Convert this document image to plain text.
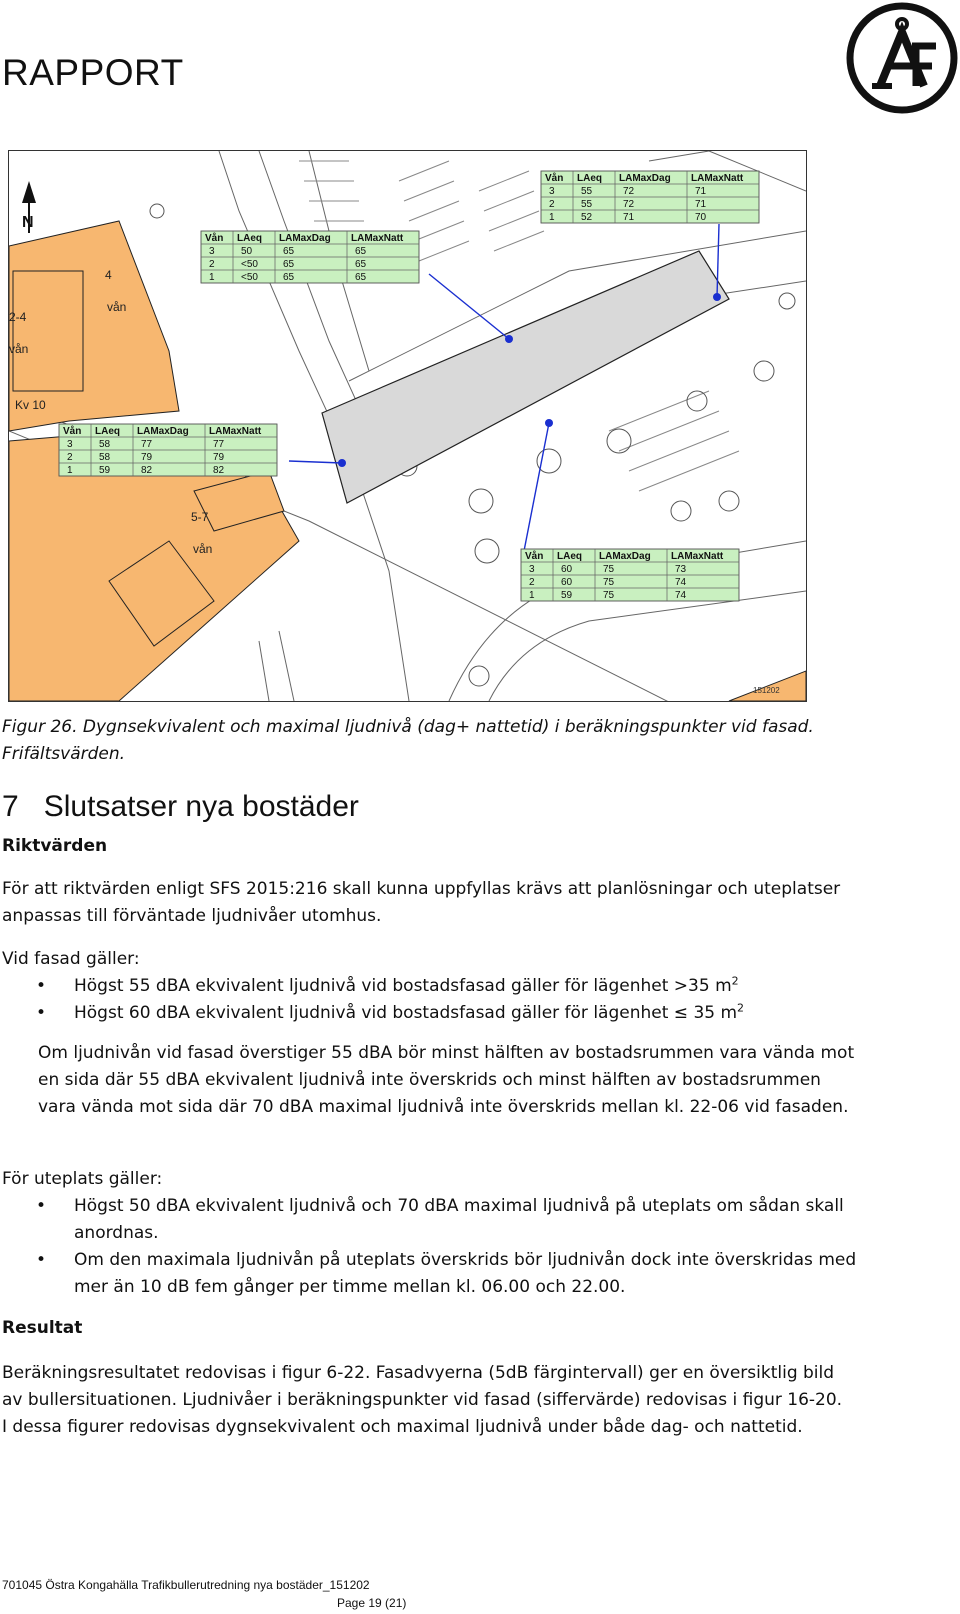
RAPPORT
151202
N
4
vån
2-4
vån
Kv 10
5-7
vån
Vån LAeq LAMaxDag LAMaxNatt
3	55	72	71
2	55	72	71
1	52	71	70
Vån LAeq LAMaxDag LAMaxNatt
3	50	65	65
2	<50	65	65
1	<50	65	65
Vån LAeq LAMaxDag LAMaxNatt
3	58	77	77
2	58	79	79
1	59	82	82
Vån LAeq LAMaxDag LAMaxNatt
3	60	75	73
2	60	75	74
1	59	75	74
Figur 26. Dygnsekvivalent och maximal ljudnivå (dag+ nattetid) i beräkningspunkter vid fasad. Frifältsvärden.
7 Slutsatser nya bostäder
Riktvärden
För att riktvärden enligt SFS 2015:216 skall kunna uppfyllas krävs att planlösningar och uteplatser anpassas till förväntade ljudnivåer utomhus.
Vid fasad gäller:
• Högst 55 dBA ekvivalent ljudnivå vid bostadsfasad gäller för lägenhet >35 $m^2$
• Högst 60 dBA ekvivalent ljudnivå vid bostadsfasad gäller för lägenhet ≤ 35 $m^2$
Om ljudnivån vid fasad överstiger 55 dBA bör minst hälften av bostadsrummen vara vända mot en sida där 55 dBA ekvivalent ljudnivå inte överskrids och minst hälften av bostadsrummen vara vända mot sida där 70 dBA maximal ljudnivå inte överskrids mellan kl. 22-06 vid fasaden.
För uteplats gäller:
• Högst 50 dBA ekvivalent ljudnivå och 70 dBA maximal ljudnivå på uteplats om sådan skall anordnas.
• Om den maximala ljudnivån på uteplats överskrids bör ljudnivån dock inte överskridas med mer än 10 dB fem gånger per timme mellan kl. 06.00 och 22.00.
Resultat
Beräkningsresultatet redovisas i figur 6-22. Fasadvyerna (5dB färgintervall) ger en översiktlig bild av bullersituationen. Ljudnivåer i beräkningspunkter vid fasad (siffervärde) redovisas i figur 16-20. I dessa figurer redovisas dygnsekvivalent och maximal ljudnivå under både dag- och nattetid.
701045 Östra Kongahälla Trafikbullerutredning nya bostäder_151202
Page 19 (21)
